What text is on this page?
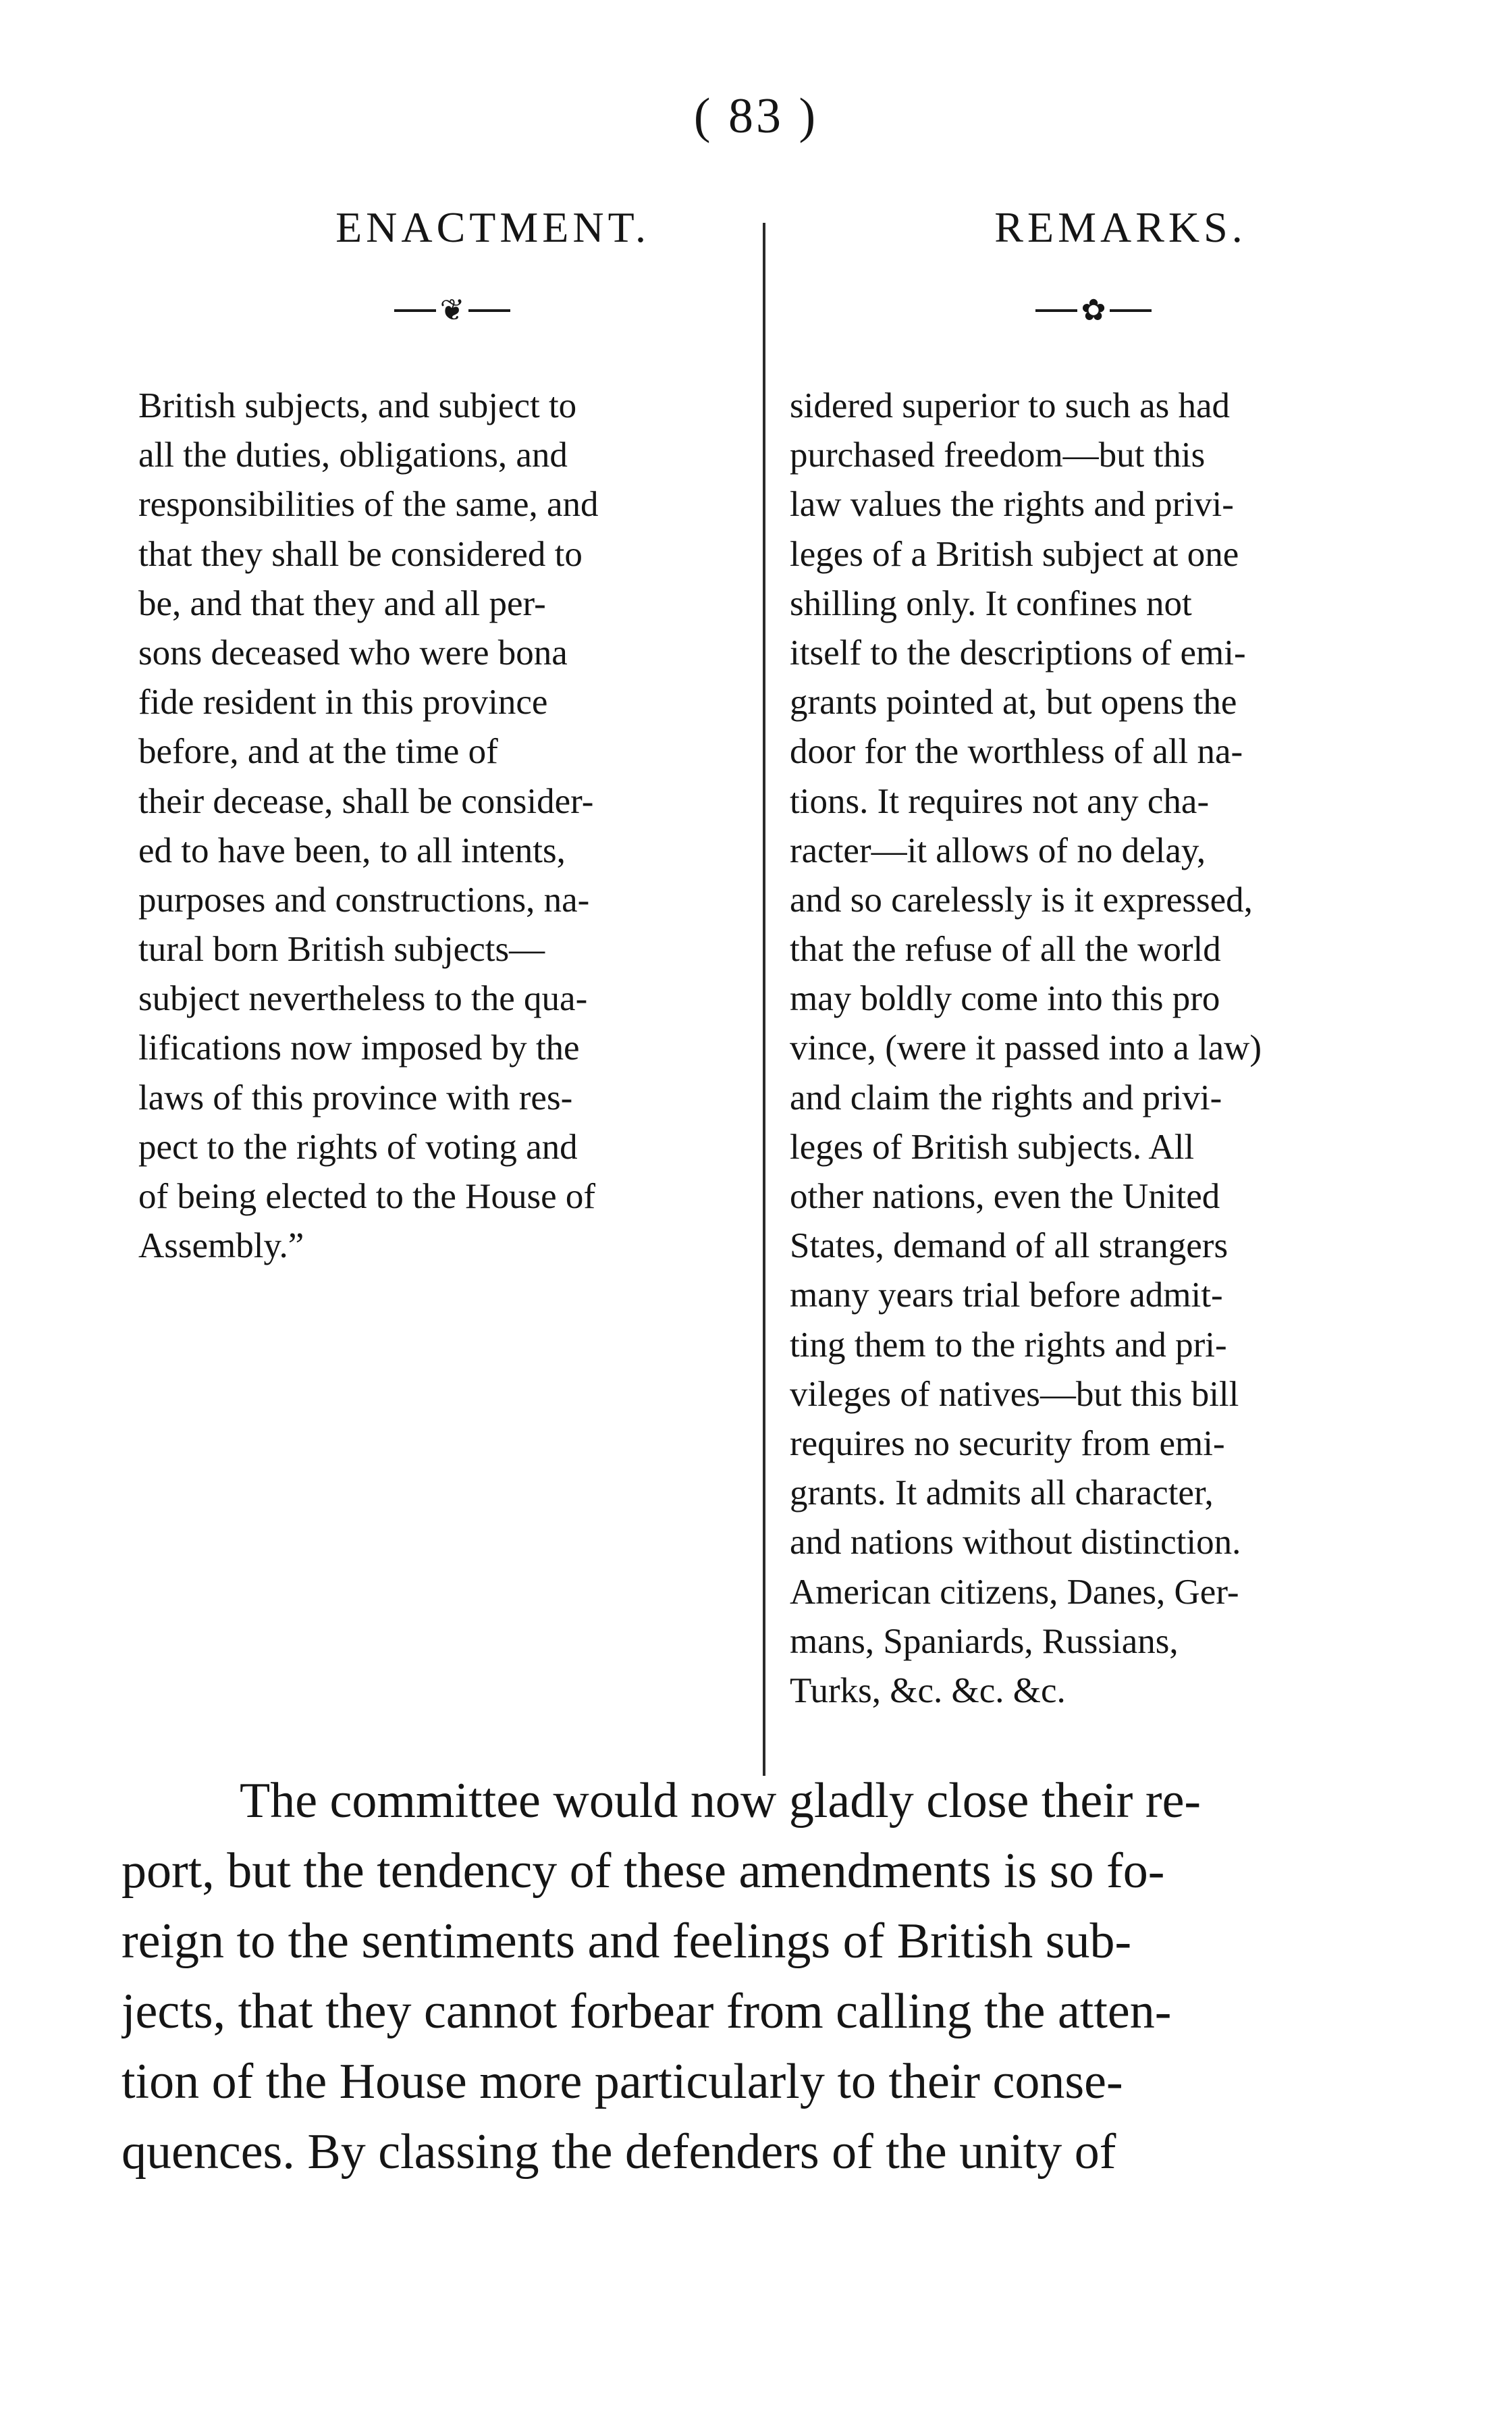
( 83 )
ENACTMENT.	REMARKS.
❦	✿
British subjects, and subject to
all the duties, obligations, and
responsibilities of the same, and
that they shall be considered to
be, and that they and all per-
sons deceased who were bona
fide resident in this province
before, and at the time of
their decease, shall be consider-
ed to have been, to all intents,
purposes and constructions, na-
tural born British subjects—
subject nevertheless to the qua-
lifications now imposed by the
laws of this province with res-
pect to the rights of voting and
of being elected to the House of
Assembly.”
sidered superior to such as had
purchased freedom—but this
law values the rights and privi-
leges of a British subject at one
shilling only. It confines not
itself to the descriptions of emi-
grants pointed at, but opens the
door for the worthless of all na-
tions. It requires not any cha-
racter—it allows of no delay,
and so carelessly is it expressed,
that the refuse of all the world
may boldly come into this pro
vince, (were it passed into a law)
and claim the rights and privi-
leges of British subjects. All
other nations, even the United
States, demand of all strangers
many years trial before admit-
ting them to the rights and pri-
vileges of natives—but this bill
requires no security from emi-
grants. It admits all character,
and nations without distinction.
American citizens, Danes, Ger-
mans, Spaniards, Russians,
Turks, &c. &c. &c.
The committee would now gladly close their re-
port, but the tendency of these amendments is so fo-
reign to the sentiments and feelings of British sub-
jects, that they cannot forbear from calling the atten-
tion of the House more particularly to their conse-
quences. By classing the defenders of the unity of
